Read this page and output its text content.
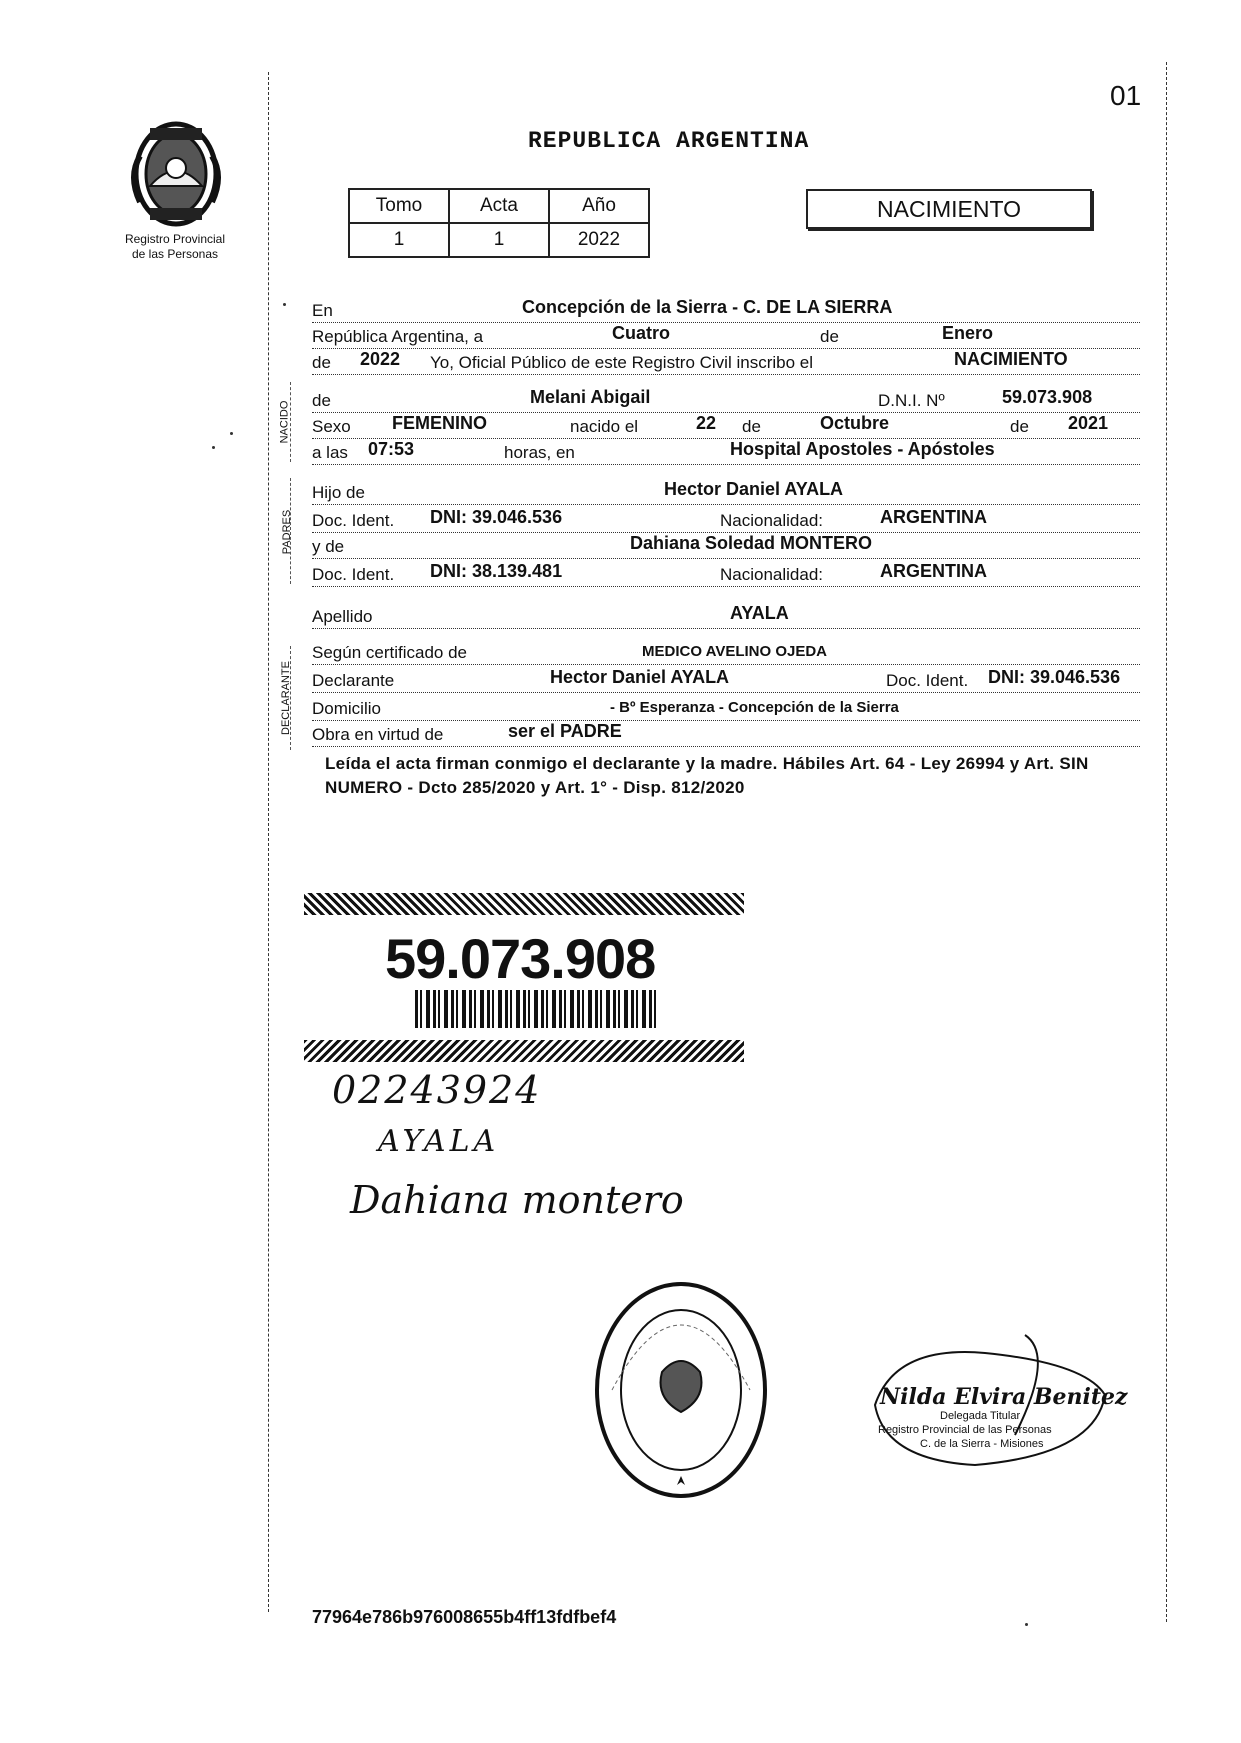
01
Registro Provincial
de las Personas
REPUBLICA ARGENTINA
Tomo	Acta	Año
1	1	2022
NACIMIENTO
En	Concepción de la Sierra - C. DE LA SIERRA
República Argentina, a	Cuatro	de	Enero
de 2022 Yo, Oficial Público de este Registro Civil inscribo el	NACIMIENTO
NACIDO
de	Melani Abigail	D.N.I. Nº	59.073.908
Sexo FEMENINO	nacido el	22 de	Octubre	de 2021
a las 07:53	horas, en	Hospital Apostoles - Apóstoles
PADRES
Hijo de	Hector Daniel AYALA
Doc. Ident. DNI: 39.046.536	Nacionalidad:	ARGENTINA
y de	Dahiana Soledad MONTERO
Doc. Ident. DNI: 38.139.481	Nacionalidad:	ARGENTINA
Apellido	AYALA
DECLARANTE
Según certificado de	MEDICO AVELINO OJEDA
Declarante	Hector Daniel AYALA	Doc. Ident. DNI: 39.046.536
Domicilio	- Bº Esperanza - Concepción de la Sierra
Obra en virtud de	ser el PADRE
Leída el acta firman conmigo el declarante y la madre. Hábiles Art. 64 - Ley 26994 y Art. SIN NUMERO - Dcto 285/2020 y Art. 1° - Disp. 812/2020
59.073.908
02243924
AYALA
Dahiana montero
Nilda Elvira Benitez
Delegada Titular
Registro Provincial de las Personas
C. de la Sierra - Misiones
77964e786b976008655b4ff13fdfbef4
